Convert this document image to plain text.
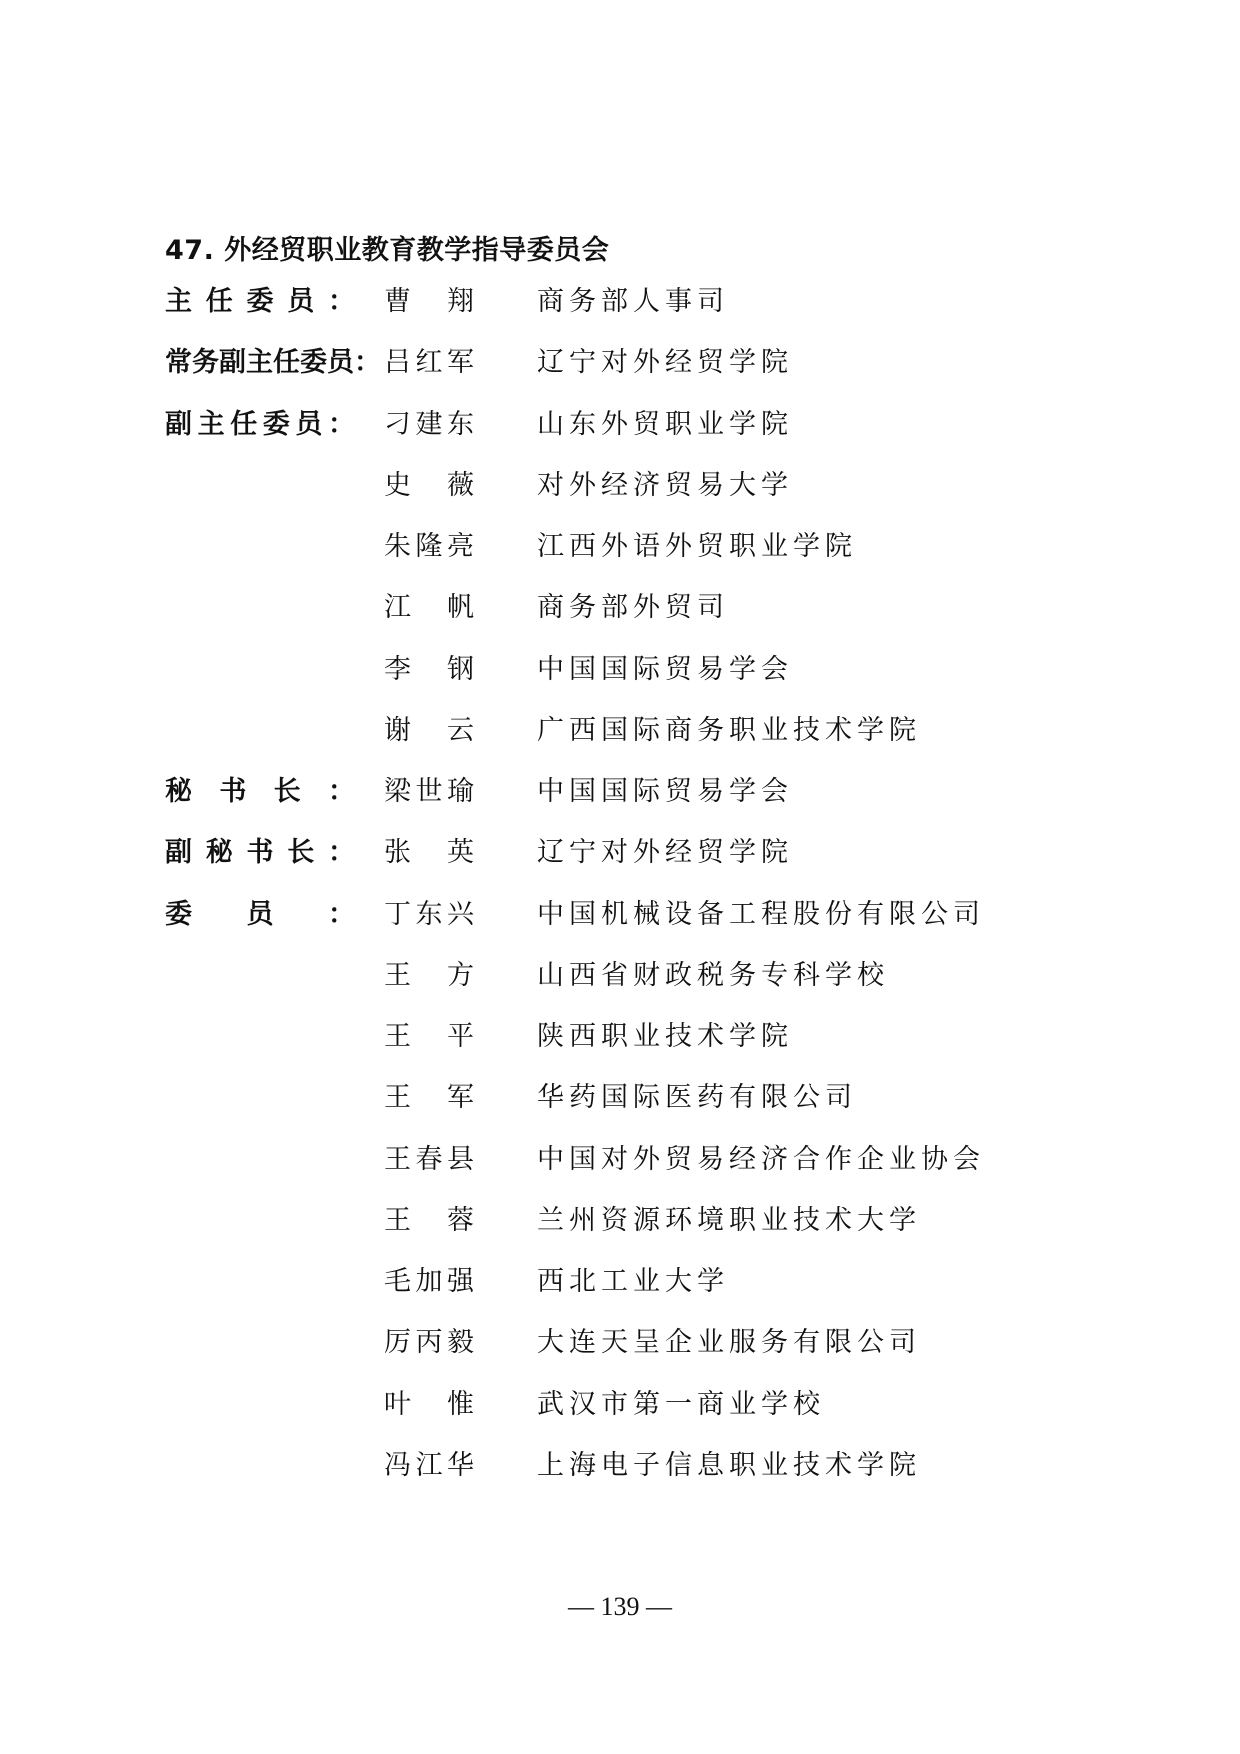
47. 外经贸职业教育教学指导委员会
主 任 委 员 ： 曹 翔 商务部人事司
常 务 副 主 任 委 员 ： 吕 红 军 辽宁对外经贸学院
副 主 任 委 员 ： 刁 建 东 山东外贸职业学院
史 薇 对外经济贸易大学
朱 隆 亮 江西外语外贸职业学院
江 帆 商务部外贸司
李 钢 中国国际贸易学会
谢 云 广西国际商务职业技术学院
秘 书 长 ： 梁 世 瑜 中国国际贸易学会
副 秘 书 长 ： 张 英 辽宁对外经贸学院
委 员 ： 丁 东 兴 中国机械设备工程股份有限公司
王 方 山西省财政税务专科学校
王 平 陕西职业技术学院
王 军 华药国际医药有限公司
王 春 县 中国对外贸易经济合作企业协会
王 蓉 兰州资源环境职业技术大学
毛 加 强 西北工业大学
厉 丙 毅 大连天呈企业服务有限公司
叶 惟 武汉市第一商业学校
冯 江 华 上海电子信息职业技术学院
— 139 —
